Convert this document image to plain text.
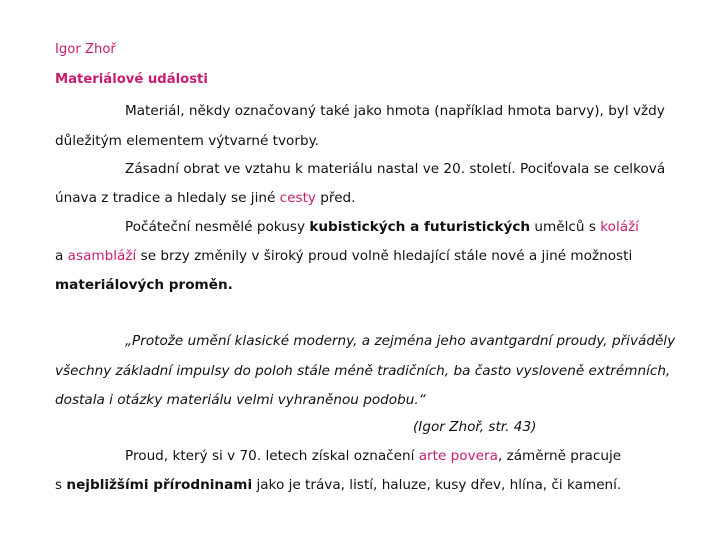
Igor Zhoř
Materiálové události
Materiál, někdy označovaný také jako hmota (například hmota barvy), byl vždy
důležitým elementem výtvarné tvorby.
Zásadní obrat ve vztahu k materiálu nastal ve 20. století. Pociťovala se celková
únava z tradice a hledaly se jiné cesty před.
Počáteční nesmělé pokusy kubistických a futuristických umělců s koláží
a asambláží se brzy změnily v široký proud volně hledající stále nové a jiné možnosti
materiálových proměn.
„Protože umění klasické moderny, a zejména jeho avantgardní proudy, přiváděly
všechny základní impulsy do poloh stále méně tradičních, ba často vysloveně extrémních,
dostala i otázky materiálu velmi vyhraněnou podobu.“
(Igor Zhoř, str. 43)
Proud, který si v 70. letech získal označení arte povera, záměrně pracuje
s nejbližšími přírodninami jako je tráva, listí, haluze, kusy dřev, hlína, či kamení.
